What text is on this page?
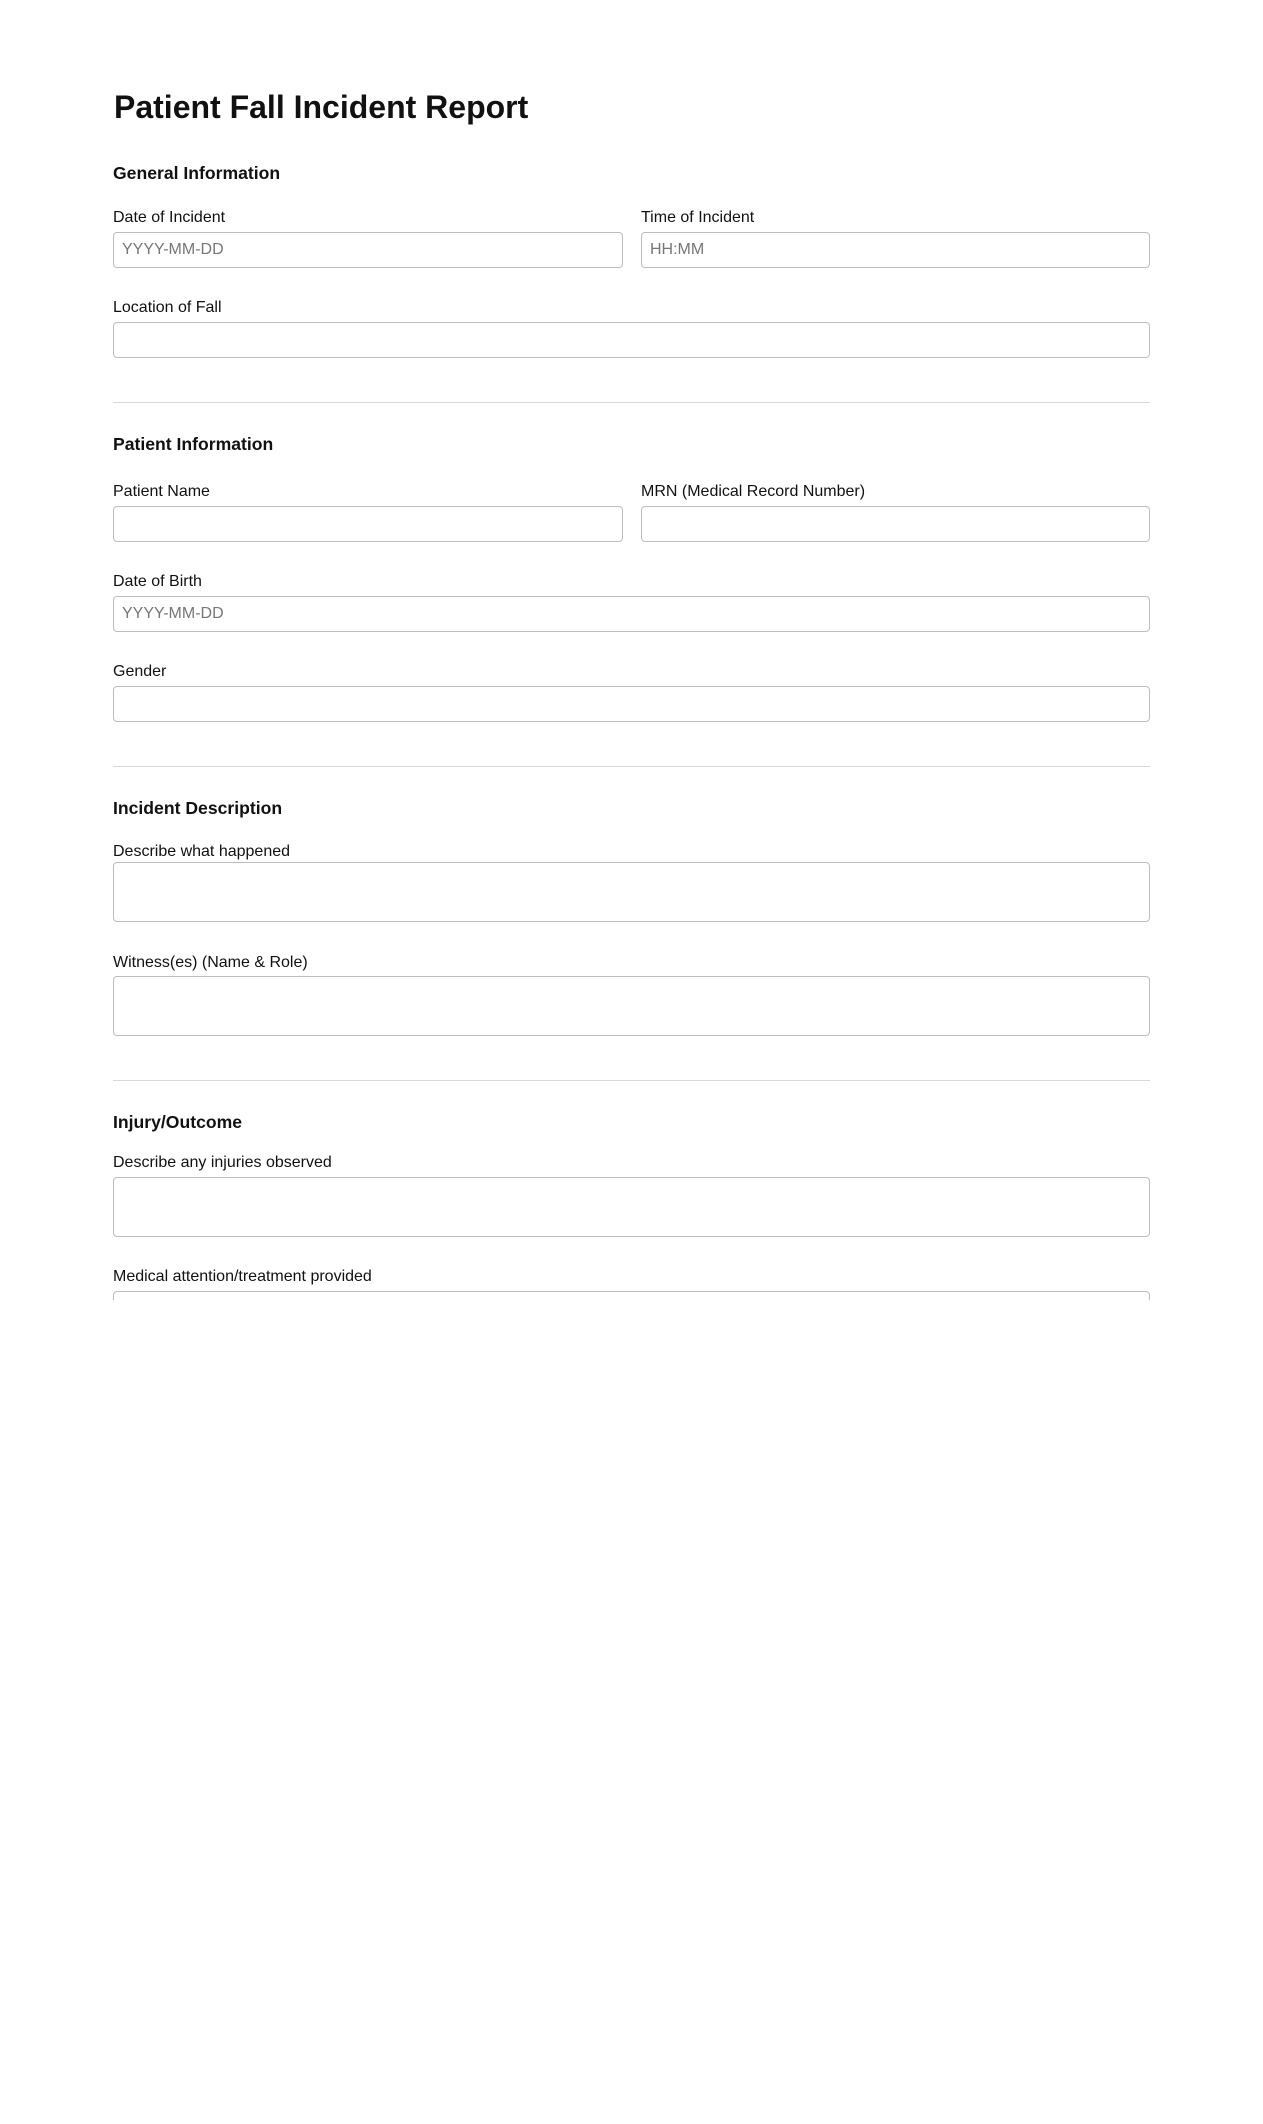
Patient Fall Incident Report
General Information
Date of Incident
YYYY-MM-DD	Time of Incident
HH:MM
Location of Fall
Patient Information
Patient Name	MRN (Medical Record Number)
Date of Birth
YYYY-MM-DD
Gender
Incident Description
Describe what happened
Witness(es) (Name & Role)
Injury/Outcome
Describe any injuries observed
Medical attention/treatment provided
